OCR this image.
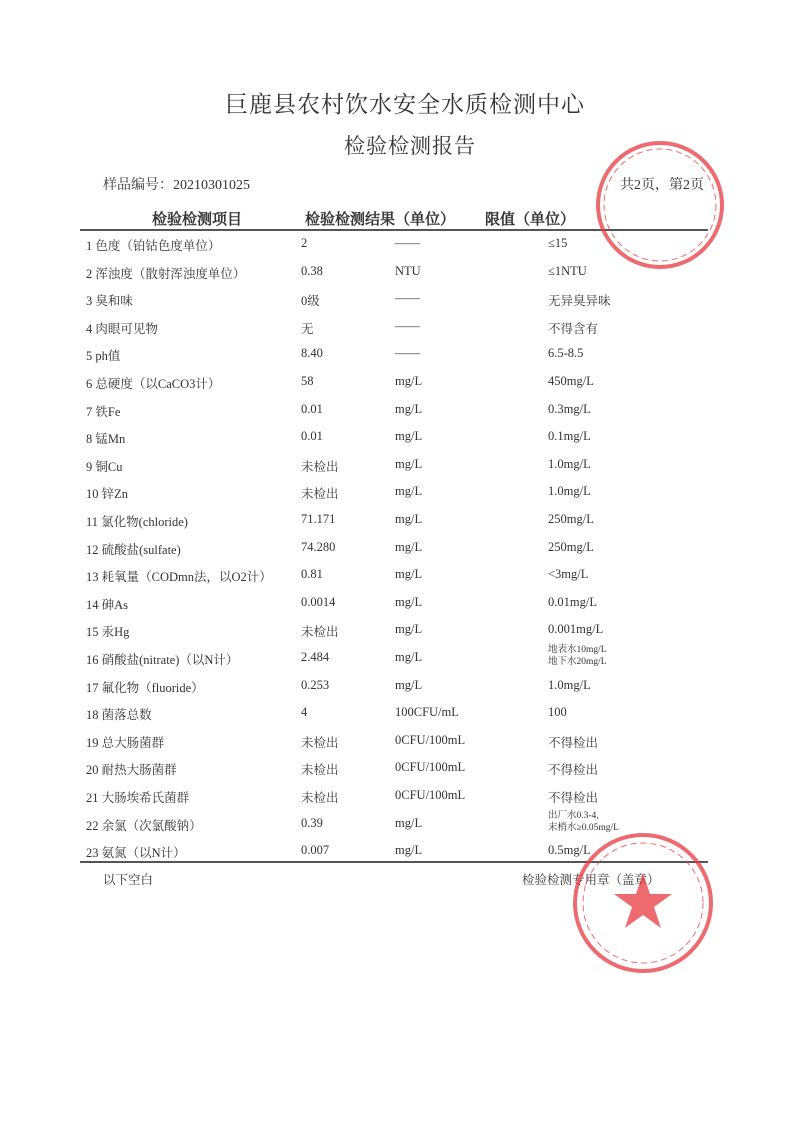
巨鹿县农村饮水安全水质检测中心
检验检测报告
样品编号：20210301025	共2页，第2页
检验检测项目	检验检测结果（单位） 限值（单位）
1 色度（铂钴色度单位）	2	——	≤15
2 浑浊度（散射浑浊度单位）	0.38	NTU	≤1NTU
3 臭和味	0级	——	无异臭异味
4 肉眼可见物	无	——	不得含有
5 ph值	8.40	——	6.5-8.5
6 总硬度（以CaCO3计）	58	mg/L	450mg/L
7 铁Fe	0.01	mg/L	0.3mg/L
8 锰Mn	0.01	mg/L	0.1mg/L
9 铜Cu	未检出	mg/L	1.0mg/L
10 锌Zn	未检出	mg/L	1.0mg/L
11 氯化物(chloride)	71.171	mg/L	250mg/L
12 硫酸盐(sulfate)	74.280	mg/L	250mg/L
13 耗氧量（CODmn法，以O2计） 0.81	mg/L	<3mg/L
14 砷As	0.0014	mg/L	0.01mg/L
15 汞Hg	未检出	mg/L	0.001mg/L
16 硝酸盐(nitrate)（以N计）	2.484	mg/L	地表水10mg/L
地下水20mg/L
17 氟化物（fluoride）	0.253	mg/L	1.0mg/L
18 菌落总数	4	100CFU/mL	100
19 总大肠菌群	未检出	0CFU/100mL	不得检出
20 耐热大肠菌群	未检出	0CFU/100mL	不得检出
21 大肠埃希氏菌群	未检出	0CFU/100mL	不得检出
22 余氯（次氯酸钠）	0.39	mg/L	出厂水0.3-4,
末梢水≥0.05mg/L
23 氨氮（以N计）	0.007	mg/L	0.5mg/L
以下空白	检验检测专用章（盖章）
